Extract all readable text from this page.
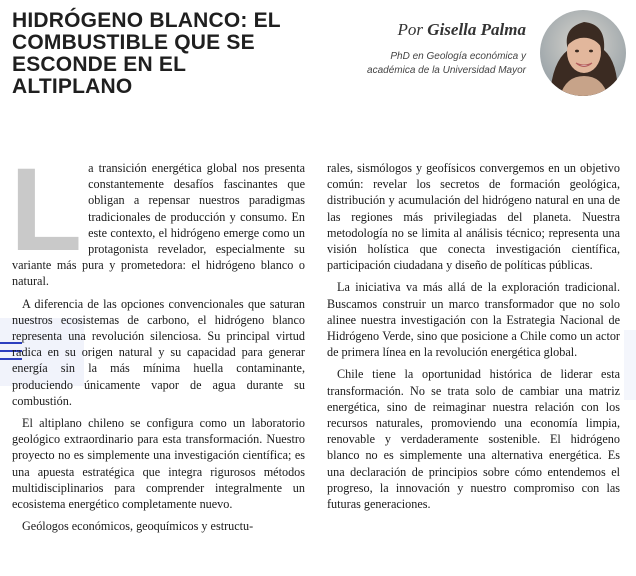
HIDRÓGENO BLANCO: EL COMBUSTIBLE QUE SE ESCONDE EN EL ALTIPLANO
Por Gisella Palma
PhD en Geología económica y
académica de la Universidad Mayor

La transición energética global nos presenta constantemente desafíos fascinantes que obligan a repensar nuestros paradigmas tradicionales de producción y consumo. En este contexto, el hidrógeno emerge como un protagonista revelador, especialmente su variante más pura y prometedora: el hidrógeno blanco o natural.

A diferencia de las opciones convencionales que saturan nuestros ecosistemas de carbono, el hidrógeno blanco representa una revolución silenciosa. Su principal virtud radica en su origen natural y su capacidad para generar energía sin la más mínima huella contaminante, produciendo únicamente vapor de agua durante su combustión.

El altiplano chileno se configura como un laboratorio geológico extraordinario para esta transformación. Nuestro proyecto no es simplemente una investigación científica; es una apuesta estratégica que integra rigurosos métodos multidisciplinarios para comprender integralmente un ecosistema energético completamente nuevo.

Geólogos económicos, geoquímicos y estructu-

rales, sismólogos y geofísicos convergemos en un objetivo común: revelar los secretos de formación geológica, distribución y acumulación del hidrógeno natural en una de las regiones más privilegiadas del planeta. Nuestra metodología no se limita al análisis técnico; representa una visión holística que conecta investigación científica, participación ciudadana y diseño de políticas públicas.

La iniciativa va más allá de la exploración tradicional. Buscamos construir un marco transformador que no solo alinee nuestra investigación con la Estrategia Nacional de Hidrógeno Verde, sino que posicione a Chile como un actor de primera línea en la revolución energética global.

Chile tiene la oportunidad histórica de liderar esta transformación. No se trata solo de cambiar una matriz energética, sino de reimaginar nuestra relación con los recursos naturales, promoviendo una economía limpia, renovable y verdaderamente sostenible. El hidrógeno blanco no es simplemente una alternativa energética. Es una declaración de principios sobre cómo entendemos el progreso, la innovación y nuestro compromiso con las futuras generaciones.
